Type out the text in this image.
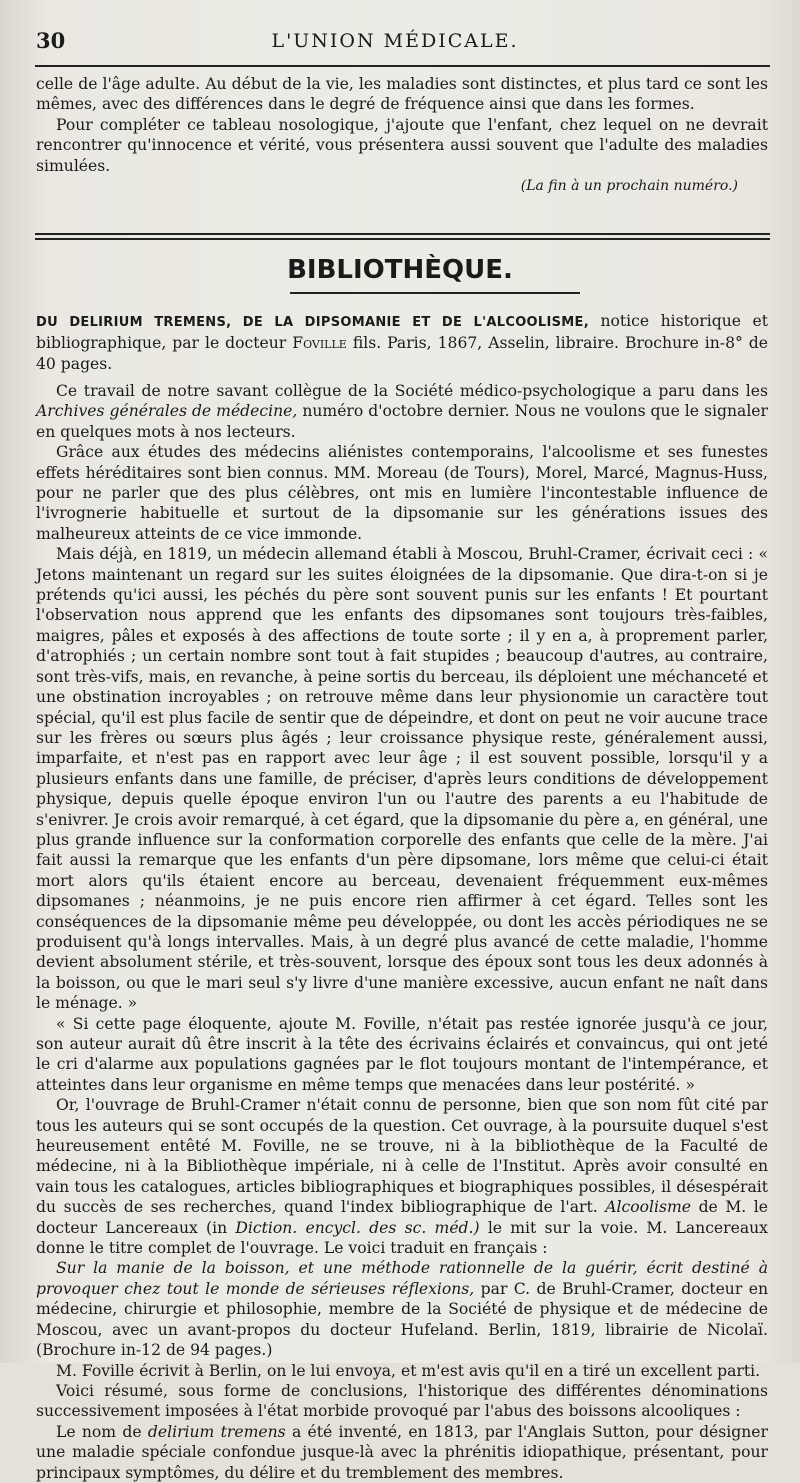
30	L'UNION MÉDICALE.

celle de l'âge adulte. Au début de la vie, les maladies sont distinctes, et plus tard ce sont les mêmes, avec des différences dans le degré de fréquence ainsi que dans les formes.

Pour compléter ce tableau nosologique, j'ajoute que l'enfant, chez lequel on ne devrait rencontrer qu'innocence et vérité, vous présentera aussi souvent que l'adulte des maladies simulées.

(La fin à un prochain numéro.)

BIBLIOTHÈQUE.
DU DELIRIUM TREMENS, DE LA DIPSOMANIE ET DE L'ALCOOLISME, notice historique et bibliographique, par le docteur Foville fils. Paris, 1867, Asselin, libraire. Brochure in-8° de 40 pages.

Ce travail de notre savant collègue de la Société médico-psychologique a paru dans les Archives générales de médecine, numéro d'octobre dernier. Nous ne voulons que le signaler en quelques mots à nos lecteurs.

Grâce aux études des médecins aliénistes contemporains, l'alcoolisme et ses funestes effets héréditaires sont bien connus. MM. Moreau (de Tours), Morel, Marcé, Magnus-Huss, pour ne parler que des plus célèbres, ont mis en lumière l'incontestable influence de l'ivrognerie habituelle et surtout de la dipsomanie sur les générations issues des malheureux atteints de ce vice immonde.

Mais déjà, en 1819, un médecin allemand établi à Moscou, Bruhl-Cramer, écrivait ceci : « Jetons maintenant un regard sur les suites éloignées de la dipsomanie. Que dira-t-on si je prétends qu'ici aussi, les péchés du père sont souvent punis sur les enfants ! Et pourtant l'observation nous apprend que les enfants des dipsomanes sont toujours très-faibles, maigres, pâles et exposés à des affections de toute sorte ; il y en a, à proprement parler, d'atrophiés ; un certain nombre sont tout à fait stupides ; beaucoup d'autres, au contraire, sont très-vifs, mais, en revanche, à peine sortis du berceau, ils déploient une méchanceté et une obstination incroyables ; on retrouve même dans leur physionomie un caractère tout spécial, qu'il est plus facile de sentir que de dépeindre, et dont on peut ne voir aucune trace sur les frères ou sœurs plus âgés ; leur croissance physique reste, généralement aussi, imparfaite, et n'est pas en rapport avec leur âge ; il est souvent possible, lorsqu'il y a plusieurs enfants dans une famille, de préciser, d'après leurs conditions de développement physique, depuis quelle époque environ l'un ou l'autre des parents a eu l'habitude de s'enivrer. Je crois avoir remarqué, à cet égard, que la dipsomanie du père a, en général, une plus grande influence sur la conformation corporelle des enfants que celle de la mère. J'ai fait aussi la remarque que les enfants d'un père dipsomane, lors même que celui-ci était mort alors qu'ils étaient encore au berceau, devenaient fréquemment eux-mêmes dipsomanes ; néanmoins, je ne puis encore rien affirmer à cet égard. Telles sont les conséquences de la dipsomanie même peu développée, ou dont les accès périodiques ne se produisent qu'à longs intervalles. Mais, à un degré plus avancé de cette maladie, l'homme devient absolument stérile, et très-souvent, lorsque des époux sont tous les deux adonnés à la boisson, ou que le mari seul s'y livre d'une manière excessive, aucun enfant ne naît dans le ménage. »

« Si cette page éloquente, ajoute M. Foville, n'était pas restée ignorée jusqu'à ce jour, son auteur aurait dû être inscrit à la tête des écrivains éclairés et convaincus, qui ont jeté le cri d'alarme aux populations gagnées par le flot toujours montant de l'intempérance, et atteintes dans leur organisme en même temps que menacées dans leur postérité. »

Or, l'ouvrage de Bruhl-Cramer n'était connu de personne, bien que son nom fût cité par tous les auteurs qui se sont occupés de la question. Cet ouvrage, à la poursuite duquel s'est heureusement entêté M. Foville, ne se trouve, ni à la bibliothèque de la Faculté de médecine, ni à la Bibliothèque impériale, ni à celle de l'Institut. Après avoir consulté en vain tous les catalogues, articles bibliographiques et biographiques possibles, il désespérait du succès de ses recherches, quand l'index bibliographique de l'art. Alcoolisme de M. le docteur Lancereaux (in Diction. encycl. des sc. méd.) le mit sur la voie. M. Lancereaux donne le titre complet de l'ouvrage. Le voici traduit en français :

Sur la manie de la boisson, et une méthode rationnelle de la guérir, écrit destiné à provoquer chez tout le monde de sérieuses réflexions, par C. de Bruhl-Cramer, docteur en médecine, chirurgie et philosophie, membre de la Société de physique et de médecine de Moscou, avec un avant-propos du docteur Hufeland. Berlin, 1819, librairie de Nicolaï. (Brochure in-12 de 94 pages.)

M. Foville écrivit à Berlin, on le lui envoya, et m'est avis qu'il en a tiré un excellent parti.

Voici résumé, sous forme de conclusions, l'historique des différentes dénominations successivement imposées à l'état morbide provoqué par l'abus des boissons alcooliques :

Le nom de delirium tremens a été inventé, en 1813, par l'Anglais Sutton, pour désigner une maladie spéciale confondue jusque-là avec la phrénitis idiopathique, présentant, pour principaux symptômes, du délire et du tremblement des membres.
